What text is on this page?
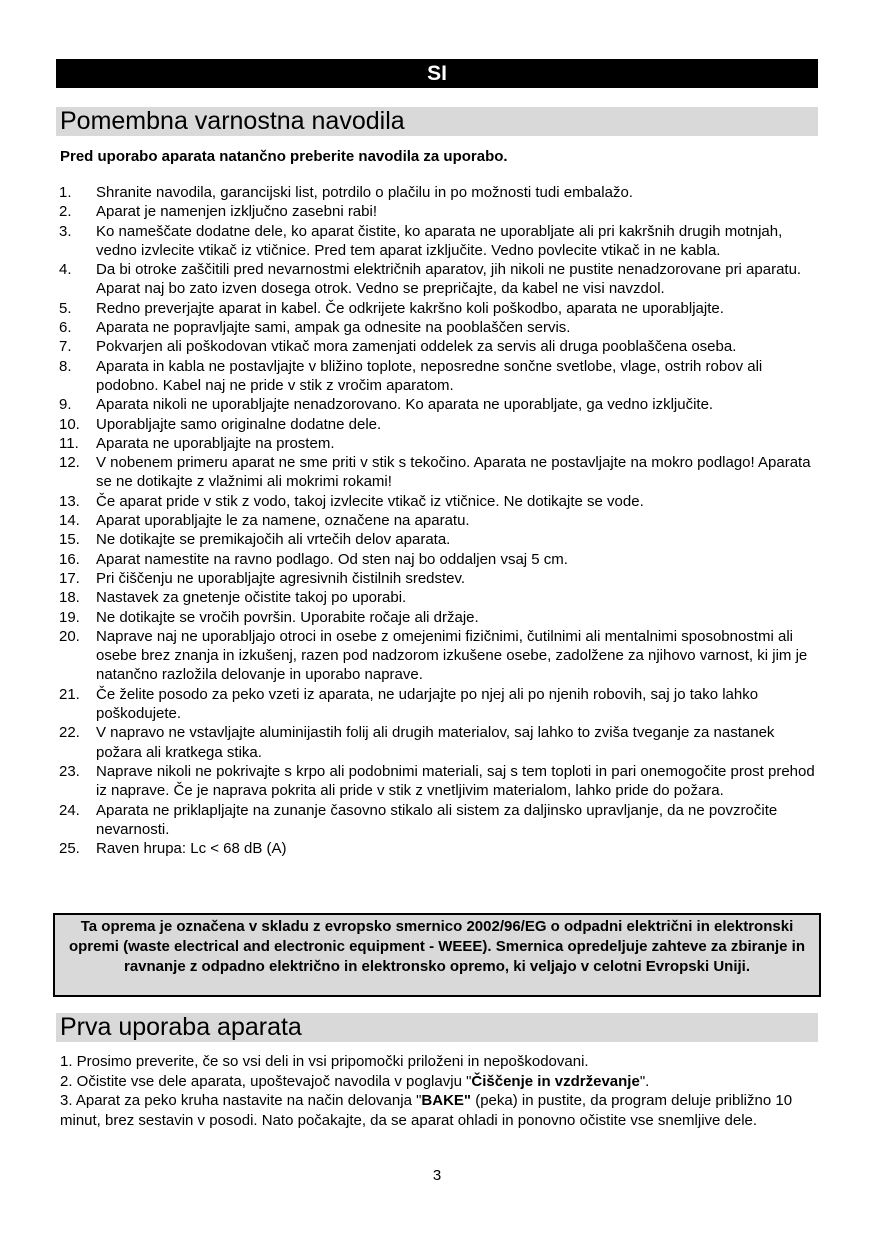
SI
Pomembna varnostna navodila
Pred uporabo aparata natančno preberite navodila za uporabo.
1. Shranite navodila, garancijski list, potrdilo o plačilu in po možnosti tudi embalažo.
2. Aparat je namenjen izključno zasebni rabi!
3. Ko nameščate dodatne dele, ko aparat čistite, ko aparata ne uporabljate ali pri kakršnih drugih motnjah, vedno izvlecite vtikač iz vtičnice. Pred tem aparat izključite. Vedno povlecite vtikač in ne kabla.
4. Da bi otroke zaščitili pred nevarnostmi električnih aparatov, jih nikoli ne pustite nenadzorovane pri aparatu. Aparat naj bo zato izven dosega otrok. Vedno se prepričajte, da kabel ne visi navzdol.
5. Redno preverjajte aparat in kabel. Če odkrijete kakršno koli poškodbo, aparata ne uporabljajte.
6. Aparata ne popravljajte sami, ampak ga odnesite na pooblaščen servis.
7. Pokvarjen ali poškodovan vtikač mora zamenjati oddelek za servis ali druga pooblaščena oseba.
8. Aparata in kabla ne postavljajte v bližino toplote, neposredne sončne svetlobe, vlage, ostrih robov ali podobno. Kabel naj ne pride v stik z vročim aparatom.
9. Aparata nikoli ne uporabljajte nenadzorovano. Ko aparata ne uporabljate, ga vedno izključite.
10. Uporabljajte samo originalne dodatne dele.
11. Aparata ne uporabljajte na prostem.
12. V nobenem primeru aparat ne sme priti v stik s tekočino. Aparata ne postavljajte na mokro podlago! Aparata se ne dotikajte z vlažnimi ali mokrimi rokami!
13. Če aparat pride v stik z vodo, takoj izvlecite vtikač iz vtičnice. Ne dotikajte se vode.
14. Aparat uporabljajte le za namene, označene na aparatu.
15. Ne dotikajte se premikajočih ali vrtečih delov aparata.
16. Aparat namestite na ravno podlago. Od sten naj bo oddaljen vsaj 5 cm.
17. Pri čiščenju ne uporabljajte agresivnih čistilnih sredstev.
18. Nastavek za gnetenje očistite takoj po uporabi.
19. Ne dotikajte se vročih površin. Uporabite ročaje ali držaje.
20. Naprave naj ne uporabljajo otroci in osebe z omejenimi fizičnimi, čutilnimi ali mentalnimi sposobnostmi ali osebe brez znanja in izkušenj, razen pod nadzorom izkušene osebe, zadolžene za njihovo varnost, ki jim je natančno razložila delovanje in uporabo naprave.
21. Če želite posodo za peko vzeti iz aparata, ne udarjajte po njej ali po njenih robovih, saj jo tako lahko poškodujete.
22. V napravo ne vstavljajte aluminijastih folij ali drugih materialov, saj lahko to zviša tveganje za nastanek požara ali kratkega stika.
23. Naprave nikoli ne pokrivajte s krpo ali podobnimi materiali, saj s tem toploti in pari onemogočite prost prehod iz naprave. Če je naprava pokrita ali pride v stik z vnetljivim materialom, lahko pride do požara.
24. Aparata ne priklapljajte na zunanje časovno stikalo ali sistem za daljinsko upravljanje, da ne povzročite nevarnosti.
25. Raven hrupa: Lc < 68 dB (A)
Ta oprema je označena v skladu z evropsko smernico 2002/96/EG o odpadni električni in elektronski opremi (waste electrical and electronic equipment - WEEE). Smernica opredeljuje zahteve za zbiranje in ravnanje z odpadno električno in elektronsko opremo, ki veljajo v celotni Evropski Uniji.
Prva uporaba aparata
1. Prosimo preverite, če so vsi deli in vsi pripomočki priloženi in nepoškodovani.
2. Očistite vse dele aparata, upoštevajoč navodila v poglavju "Čiščenje in vzdrževanje".
3. Aparat za peko kruha nastavite na način delovanja "BAKE" (peka) in pustite, da program deluje približno 10 minut, brez sestavin v posodi. Nato počakajte, da se aparat ohladi in ponovno očistite vse snemljive dele.
3
